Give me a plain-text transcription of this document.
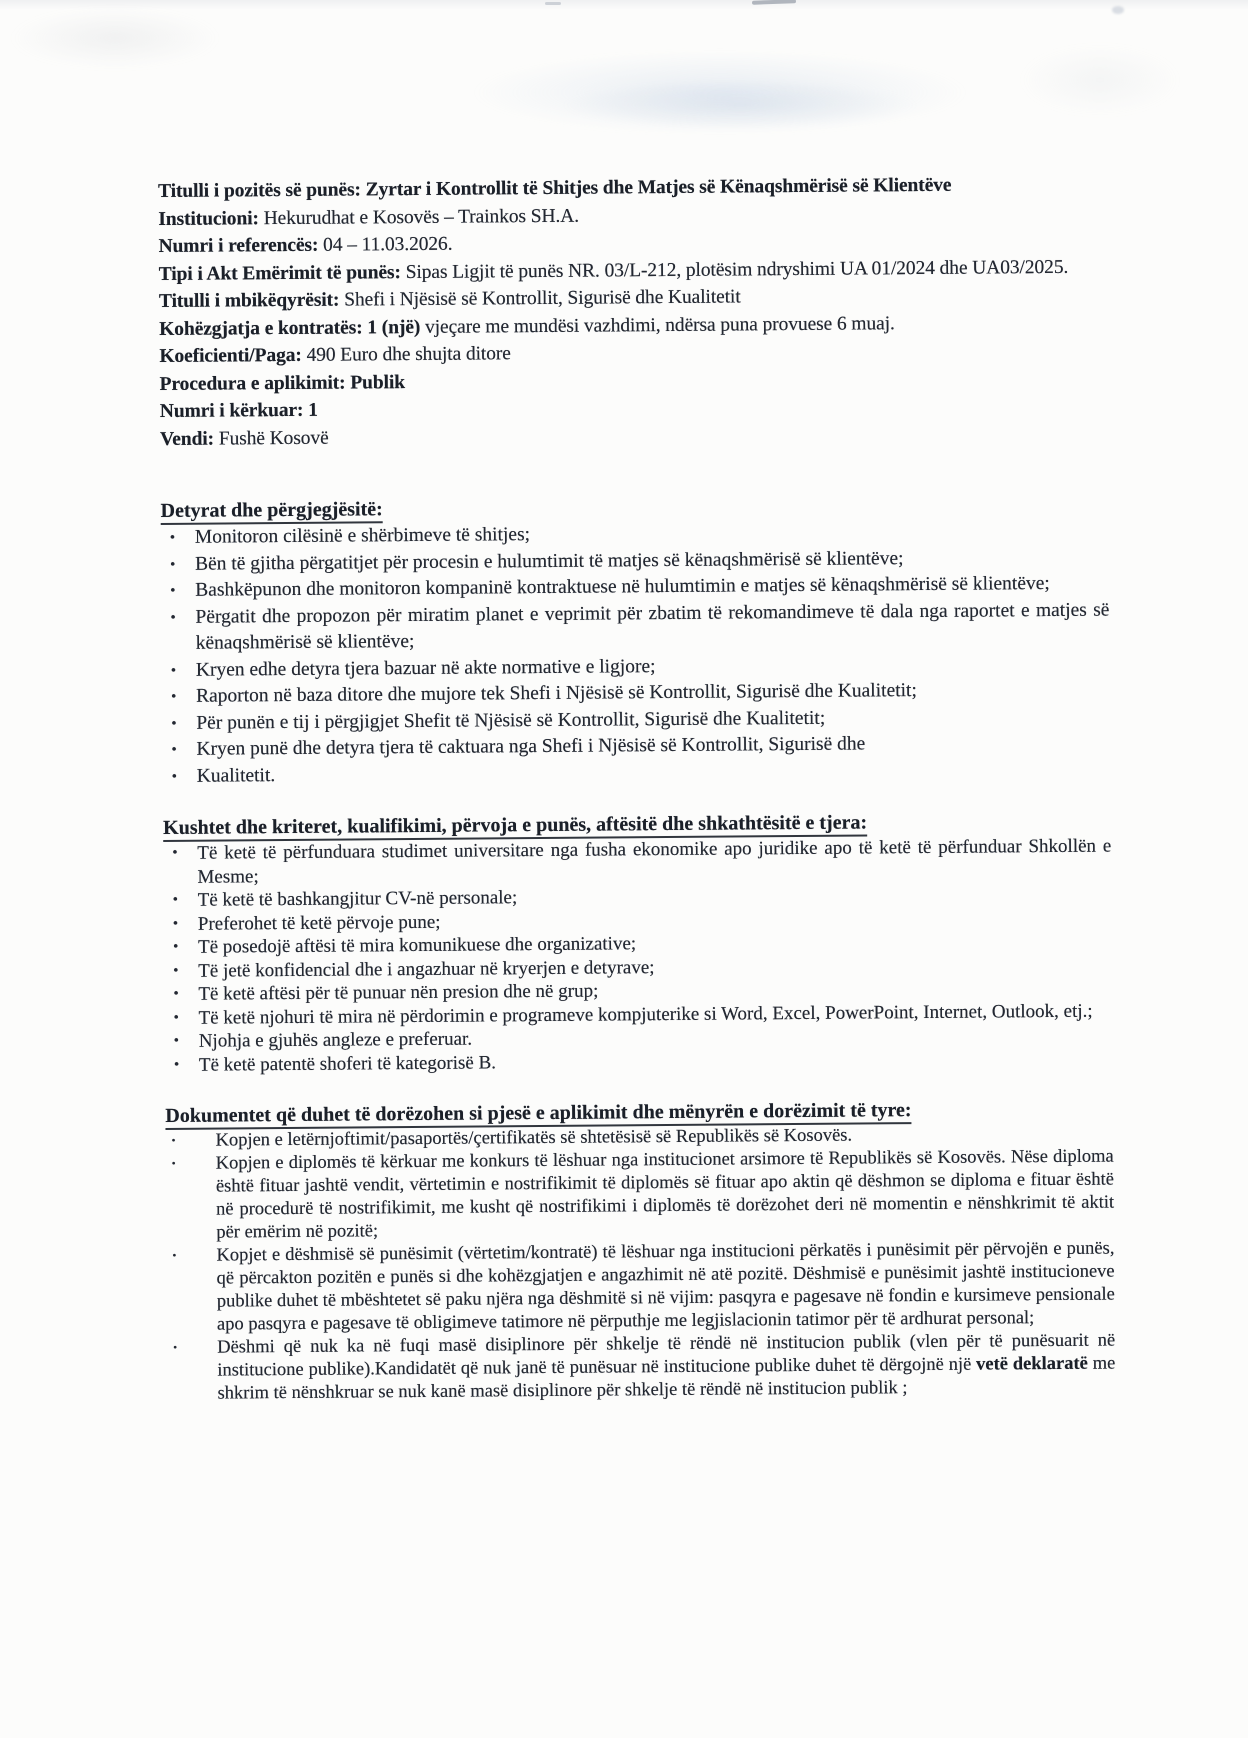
Titulli i pozitës së punës: Zyrtar i Kontrollit të Shitjes dhe Matjes së Kënaqshmërisë së Klientëve
Institucioni: Hekurudhat e Kosovës – Trainkos SH.A.
Numri i referencës: 04 – 11.03.2026.
Tipi i Akt Emërimit të punës: Sipas Ligjit të punës NR. 03/L-212, plotësim ndryshimi UA 01/2024 dhe UA03/2025.
Titulli i mbikëqyrësit: Shefi i Njësisë së Kontrollit, Sigurisë dhe Kualitetit
Kohëzgjatja e kontratës: 1 (një) vjeçare me mundësi vazhdimi, ndërsa puna provuese 6 muaj.
Koeficienti/Paga: 490 Euro dhe shujta ditore
Procedura e aplikimit: Publik
Numri i kërkuar: 1
Vendi: Fushë Kosovë
Detyrat dhe përgjegjësitë:
• Monitoron cilësinë e shërbimeve të shitjes;
• Bën të gjitha përgatitjet për procesin e hulumtimit të matjes së kënaqshmërisë së klientëve;
• Bashkëpunon dhe monitoron kompaninë kontraktuese në hulumtimin e matjes së kënaqshmërisë së klientëve;
• Përgatit dhe propozon për miratim planet e veprimit për zbatim të rekomandimeve të dala nga raportet e matjes së kënaqshmërisë së klientëve;
• Kryen edhe detyra tjera bazuar në akte normative e ligjore;
• Raporton në baza ditore dhe mujore tek Shefi i Njësisë së Kontrollit, Sigurisë dhe Kualitetit;
• Për punën e tij i përgjigjet Shefit të Njësisë së Kontrollit, Sigurisë dhe Kualitetit;
• Kryen punë dhe detyra tjera të caktuara nga Shefi i Njësisë së Kontrollit, Sigurisë dhe
• Kualitetit.
Kushtet dhe kriteret, kualifikimi, përvoja e punës, aftësitë dhe shkathtësitë e tjera:
• Të ketë të përfunduara studimet universitare nga fusha ekonomike apo juridike apo të ketë të përfunduar Shkollën e Mesme;
• Të ketë të bashkangjitur CV-në personale;
• Preferohet të ketë përvoje pune;
• Të posedojë aftësi të mira komunikuese dhe organizative;
• Të jetë konfidencial dhe i angazhuar në kryerjen e detyrave;
• Të ketë aftësi për të punuar nën presion dhe në grup;
• Të ketë njohuri të mira në përdorimin e programeve kompjuterike si Word, Excel, PowerPoint, Internet, Outlook, etj.;
• Njohja e gjuhës angleze e preferuar.
• Të ketë patentë shoferi të kategorisë B.
Dokumentet që duhet të dorëzohen si pjesë e aplikimit dhe mënyrën e dorëzimit të tyre:
• Kopjen e letërnjoftimit/pasaportës/çertifikatës së shtetësisë së Republikës së Kosovës.
• Kopjen e diplomës të kërkuar me konkurs të lëshuar nga institucionet arsimore të Republikës së Kosovës. Nëse diploma është fituar jashtë vendit, vërtetimin e nostrifikimit të diplomës së fituar apo aktin që dëshmon se diploma e fituar është në procedurë të nostrifikimit, me kusht që nostrifikimi i diplomës të dorëzohet deri në momentin e nënshkrimit të aktit për emërim në pozitë;
• Kopjet e dëshmisë së punësimit (vërtetim/kontratë) të lëshuar nga institucioni përkatës i punësimit për përvojën e punës, që përcakton pozitën e punës si dhe kohëzgjatjen e angazhimit në atë pozitë. Dëshmisë e punësimit jashtë institucioneve publike duhet të mbështetet së paku njëra nga dëshmitë si në vijim: pasqyra e pagesave në fondin e kursimeve pensionale apo pasqyra e pagesave të obligimeve tatimore në përputhje me legjislacionin tatimor për të ardhurat personal;
• Dëshmi që nuk ka në fuqi masë disiplinore për shkelje të rëndë në institucion publik (vlen për të punësuarit në institucione publike).Kandidatët që nuk janë të punësuar në institucione publike duhet të dërgojnë një vetë deklaratë me shkrim të nënshkruar se nuk kanë masë disiplinore për shkelje të rëndë në institucion publik ;
